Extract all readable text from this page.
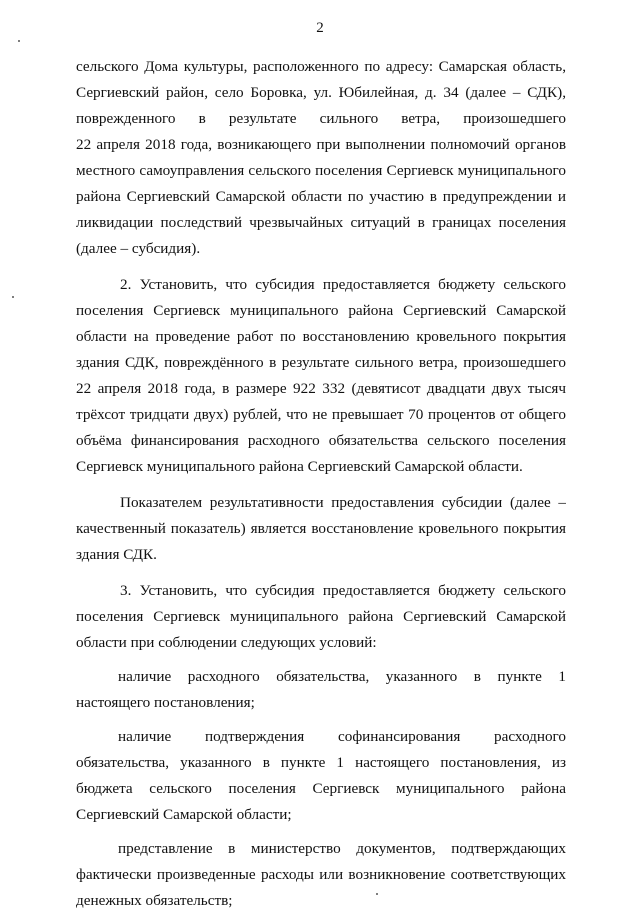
2
сельского Дома культуры, расположенного по адресу: Самарская область,
Сергиевский район, село Боровка, ул. Юбилейная, д. 34 (далее – СДК),
поврежденного в результате сильного ветра, произошедшего
22 апреля 2018 года, возникающего при выполнении полномочий органов
местного самоуправления сельского поселения Сергиевск муниципального
района Сергиевский Самарской области по участию в предупреждении и
ликвидации последствий чрезвычайных ситуаций в границах поселения
(далее – субсидия).
2. Установить, что субсидия предоставляется бюджету сельского
поселения Сергиевск муниципального района Сергиевский Самарской
области на проведение работ по восстановлению кровельного покрытия
здания СДК, повреждённого в результате сильного ветра, произошедшего
22 апреля 2018 года, в размере 922 332 (девятисот двадцати двух тысяч
трёхсот тридцати двух) рублей, что не превышает 70 процентов от общего
объёма финансирования расходного обязательства сельского поселения
Сергиевск муниципального района Сергиевский Самарской области.
Показателем результативности предоставления субсидии (далее –
качественный показатель) является восстановление кровельного покрытия
здания СДК.
3. Установить, что субсидия предоставляется бюджету сельского
поселения Сергиевск муниципального района Сергиевский Самарской
области при соблюдении следующих условий:
наличие расходного обязательства, указанного в пункте 1
настоящего постановления;
наличие подтверждения софинансирования расходного
обязательства, указанного в пункте 1 настоящего постановления, из
бюджета сельского поселения Сергиевск муниципального района
Сергиевский Самарской области;
представление в министерство документов, подтверждающих
фактически произведенные расходы или возникновение соответствующих
денежных обязательств;
